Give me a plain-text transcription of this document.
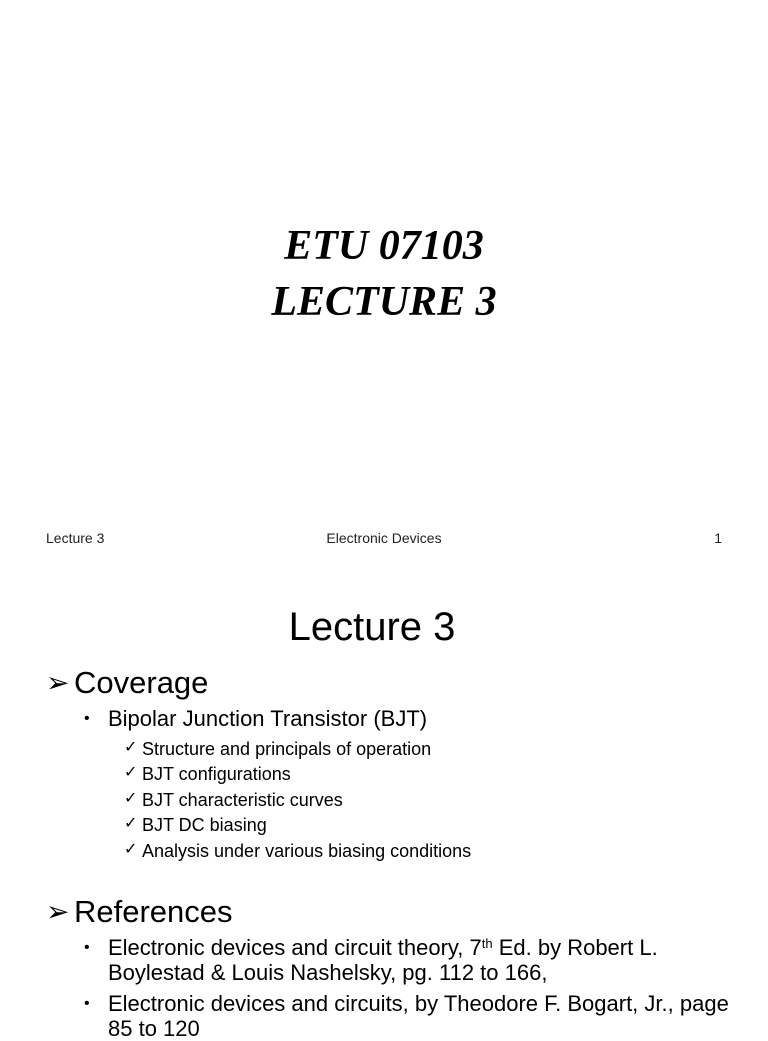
ETU 07103
LECTURE 3
Lecture 3	Electronic Devices	1
Lecture 3
➢ Coverage
• Bipolar Junction Transistor (BJT)
✓ Structure and principals of operation
✓ BJT configurations
✓ BJT characteristic curves
✓ BJT DC biasing
✓ Analysis under various biasing conditions
➢ References
• Electronic devices and circuit theory, 7th Ed. by Robert L. Boylestad & Louis Nashelsky, pg. 112 to 166,
• Electronic devices and circuits, by Theodore F. Bogart, Jr., page 85 to 120
